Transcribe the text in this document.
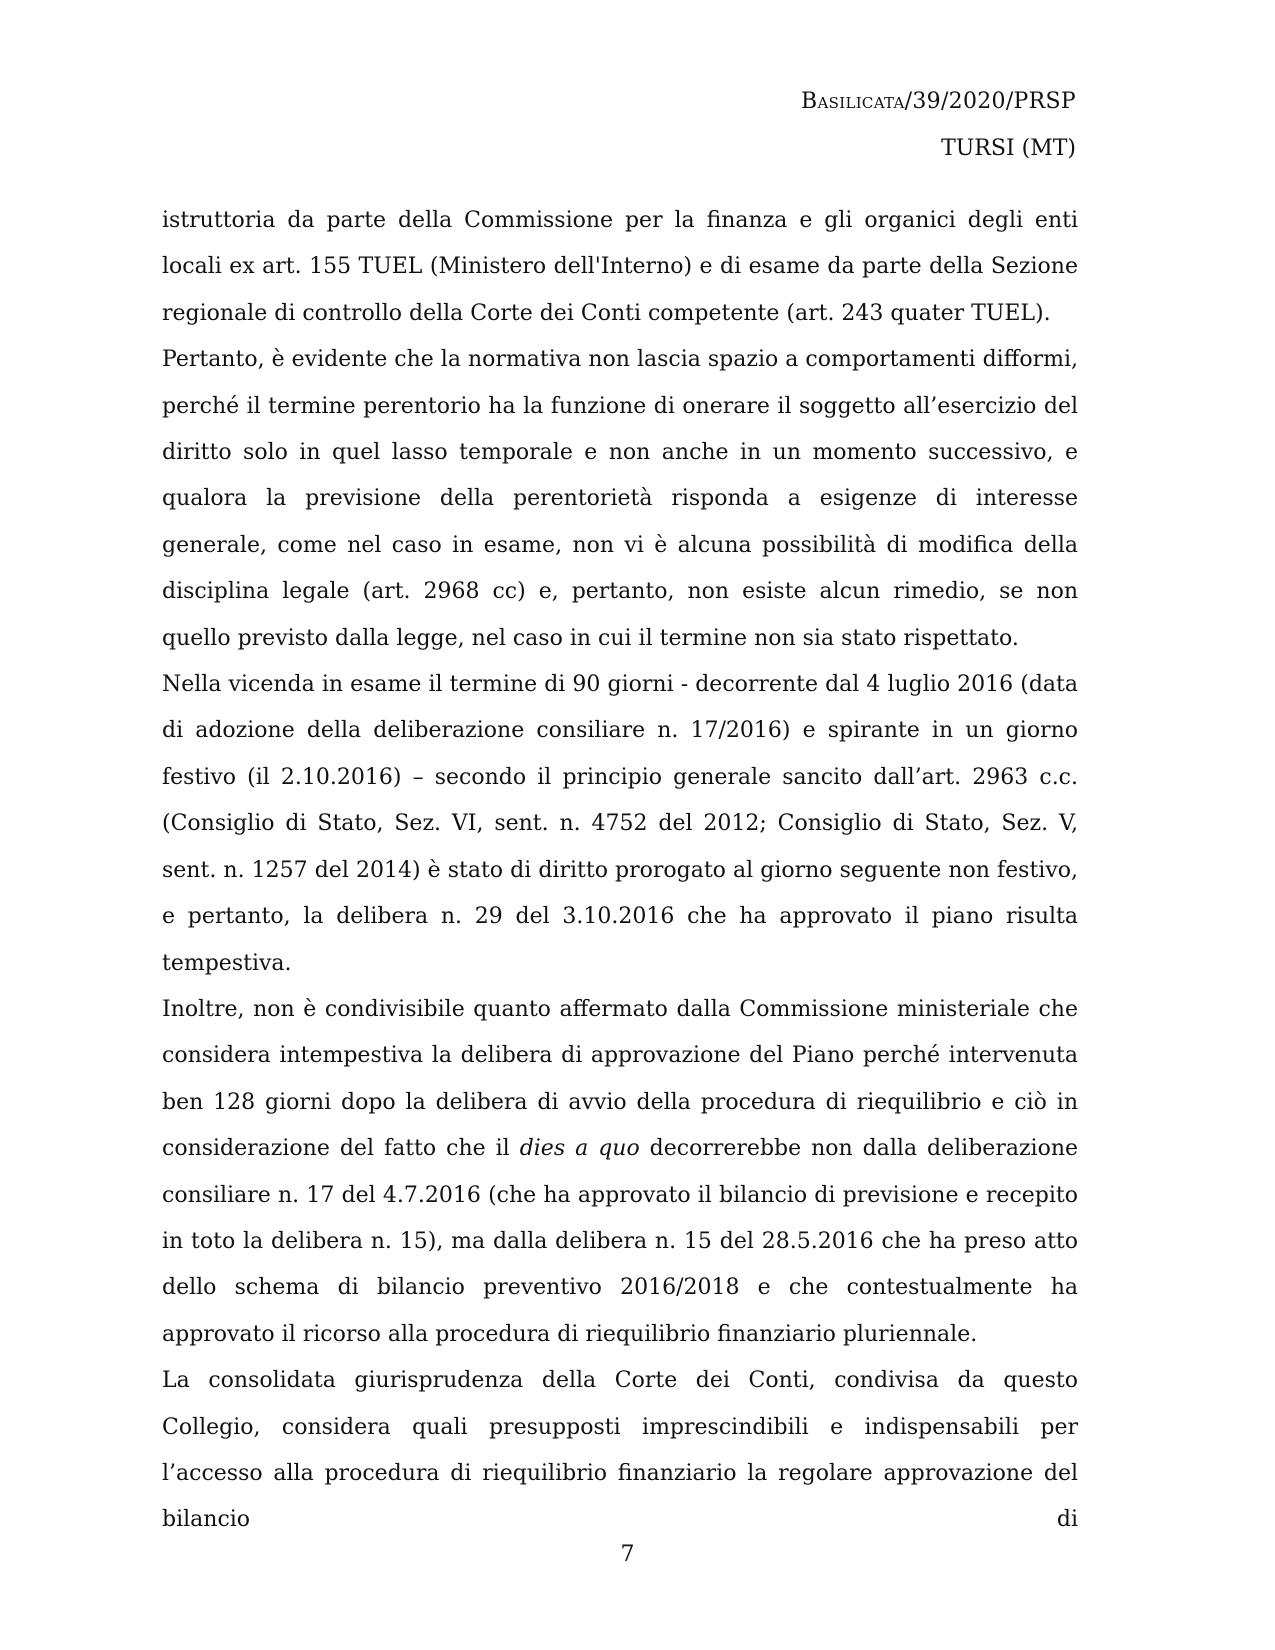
Basilicata/39/2020/PRSP
TURSI (MT)

istruttoria da parte della Commissione per la finanza e gli organici degli enti locali ex art. 155 TUEL (Ministero dell'Interno) e di esame da parte della Sezione regionale di controllo della Corte dei Conti competente (art. 243 quater TUEL).

Pertanto, è evidente che la normativa non lascia spazio a comportamenti difformi, perché il termine perentorio ha la funzione di onerare il soggetto all’esercizio del diritto solo in quel lasso temporale e non anche in un momento successivo, e qualora la previsione della perentorietà risponda a esigenze di interesse generale, come nel caso in esame, non vi è alcuna possibilità di modifica della disciplina legale (art. 2968 cc) e, pertanto, non esiste alcun rimedio, se non quello previsto dalla legge, nel caso in cui il termine non sia stato rispettato.

Nella vicenda in esame il termine di 90 giorni - decorrente dal 4 luglio 2016 (data di adozione della deliberazione consiliare n. 17/2016) e spirante in un giorno festivo (il 2.10.2016) – secondo il principio generale sancito dall’art. 2963 c.c. (Consiglio di Stato, Sez. VI, sent. n. 4752 del 2012; Consiglio di Stato, Sez. V, sent. n. 1257 del 2014) è stato di diritto prorogato al giorno seguente non festivo, e pertanto, la delibera n. 29 del 3.10.2016 che ha approvato il piano risulta tempestiva.

Inoltre, non è condivisibile quanto affermato dalla Commissione ministeriale che considera intempestiva la delibera di approvazione del Piano perché intervenuta ben 128 giorni dopo la delibera di avvio della procedura di riequilibrio e ciò in considerazione del fatto che il dies a quo decorrerebbe non dalla deliberazione consiliare n. 17 del 4.7.2016 (che ha approvato il bilancio di previsione e recepito in toto la delibera n. 15), ma dalla delibera n. 15 del 28.5.2016 che ha preso atto dello schema di bilancio preventivo 2016/2018 e che contestualmente ha approvato il ricorso alla procedura di riequilibrio finanziario pluriennale.

La consolidata giurisprudenza della Corte dei Conti, condivisa da questo Collegio, considera quali presupposti imprescindibili e indispensabili per l’accesso alla procedura di riequilibrio finanziario la regolare approvazione del bilancio di

7
